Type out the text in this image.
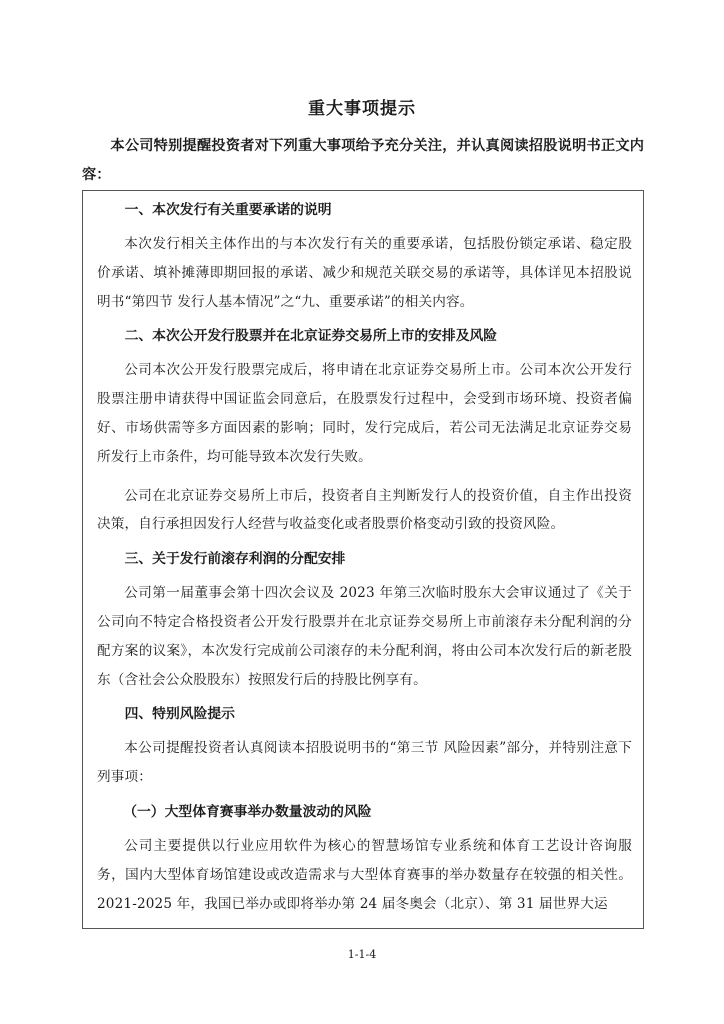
重大事项提示

本公司特别提醒投资者对下列重大事项给予充分关注，并认真阅读招股说明书正文内容：

一、本次发行有关重要承诺的说明

本次发行相关主体作出的与本次发行有关的重要承诺，包括股份锁定承诺、稳定股价承诺、填补摊薄即期回报的承诺、减少和规范关联交易的承诺等，具体详见本招股说明书“第四节 发行人基本情况”之“九、重要承诺”的相关内容。

二、本次公开发行股票并在北京证券交易所上市的安排及风险

公司本次公开发行股票完成后，将申请在北京证券交易所上市。公司本次公开发行股票注册申请获得中国证监会同意后，在股票发行过程中，会受到市场环境、投资者偏好、市场供需等多方面因素的影响；同时，发行完成后，若公司无法满足北京证券交易所发行上市条件，均可能导致本次发行失败。

公司在北京证券交易所上市后，投资者自主判断发行人的投资价值，自主作出投资决策，自行承担因发行人经营与收益变化或者股票价格变动引致的投资风险。

三、关于发行前滚存利润的分配安排

公司第一届董事会第十四次会议及 2023 年第三次临时股东大会审议通过了《关于公司向不特定合格投资者公开发行股票并在北京证券交易所上市前滚存未分配利润的分配方案的议案》，本次发行完成前公司滚存的未分配利润，将由公司本次发行后的新老股东（含社会公众股股东）按照发行后的持股比例享有。

四、特别风险提示

本公司提醒投资者认真阅读本招股说明书的“第三节 风险因素”部分，并特别注意下列事项：

（一）大型体育赛事举办数量波动的风险

公司主要提供以行业应用软件为核心的智慧场馆专业系统和体育工艺设计咨询服务，国内大型体育场馆建设或改造需求与大型体育赛事的举办数量存在较强的相关性。2021-2025 年，我国已举办或即将举办第 24 届冬奥会（北京）、第 31 届世界大运

1-1-4
